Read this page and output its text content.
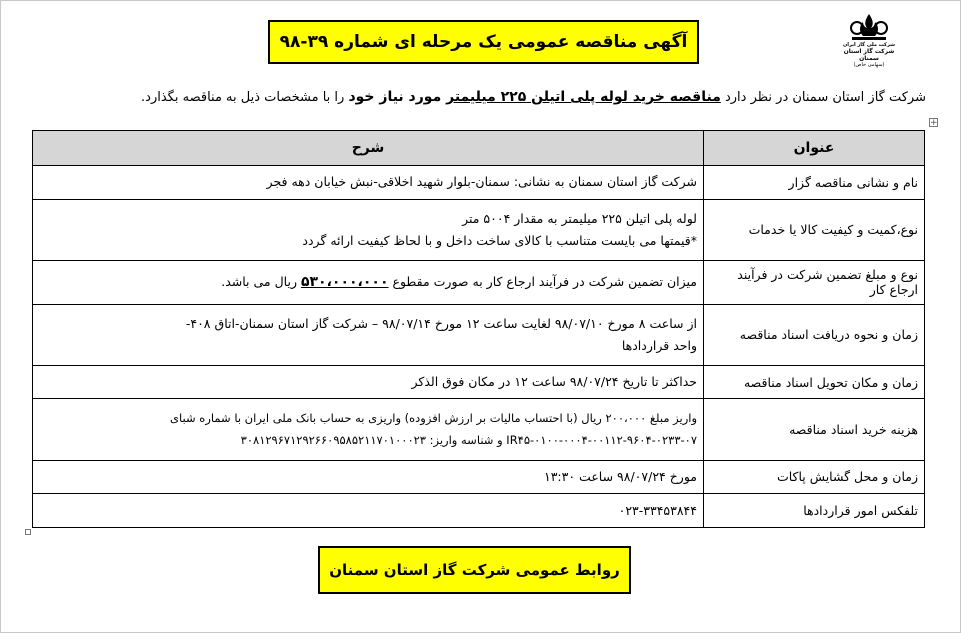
آگهی مناقصه عمومی یک مرحله ای شماره ۳۹-۹۸	شرکت ملی گاز ایران
شرکت گاز استان سمنان
(سهامی خاص)
شرکت گاز استان سمنان در نظر دارد مناقصه خرید لوله پلی اتیلن ۲۲۵ میلیمتر مورد نیاز خود را با مشخصات ذیل به مناقصه بگذارد.
+
عنوان	شرح
نام و نشانی مناقصه گزار	شرکت گاز استان سمنان به نشانی: سمنان-بلوار شهید اخلاقی-نبش خیابان دهه فجر

نوع،کمیت و کیفیت کالا یا خدمات	لوله پلی اتیلن ۲۲۵ میلیمتر به مقدار ۵۰۰۴ متر
*قیمتها می بایست متناسب با کالای ساخت داخل و با لحاظ کیفیت ارائه گردد

نوع و مبلغ تضمین شرکت در فرآیند ارجاع کار	میزان تضمین شرکت در فرآیند ارجاع کار به صورت مقطوع ۵۳۰،۰۰۰،۰۰۰ ریال می باشد.
زمان و نحوه دریافت اسناد مناقصه	از ساعت ۸ مورخ ۹۸/۰۷/۱۰ لغایت ساعت ۱۲ مورخ ۹۸/۰۷/۱۴ – شرکت گاز استان سمنان-اتاق ۴۰۸-
واحد قراردادها

زمان و مکان تحویل اسناد مناقصه	حداکثر تا تاریخ ۹۸/۰۷/۲۴ ساعت ۱۲ در مکان فوق الذکر

هزینه خرید اسناد مناقصه	واریز مبلغ ۲۰۰،۰۰۰ ریال (با احتساب مالیات بر ارزش افزوده) واریزی به حساب بانک ملی ایران با شماره شبای
IR۴۵-۰۱۰۰-۰۰۰۴-۰۰۱۱۲-۹۶۰۴-۰۲۳۳-۰۷ و شناسه واریز: ۳۰۸۱۲۹۶۷۱۲۹۲۶۶۰۹۵۸۵۲۱۱۷۰۱۰۰۰۲۳

زمان و محل گشایش پاکات	مورخ ۹۸/۰۷/۲۴ ساعت ۱۳:۳۰

تلفکس امور قراردادها	۰۲۳-۳۳۴۵۳۸۴۴
روابط عمومی شرکت گاز استان سمنان
